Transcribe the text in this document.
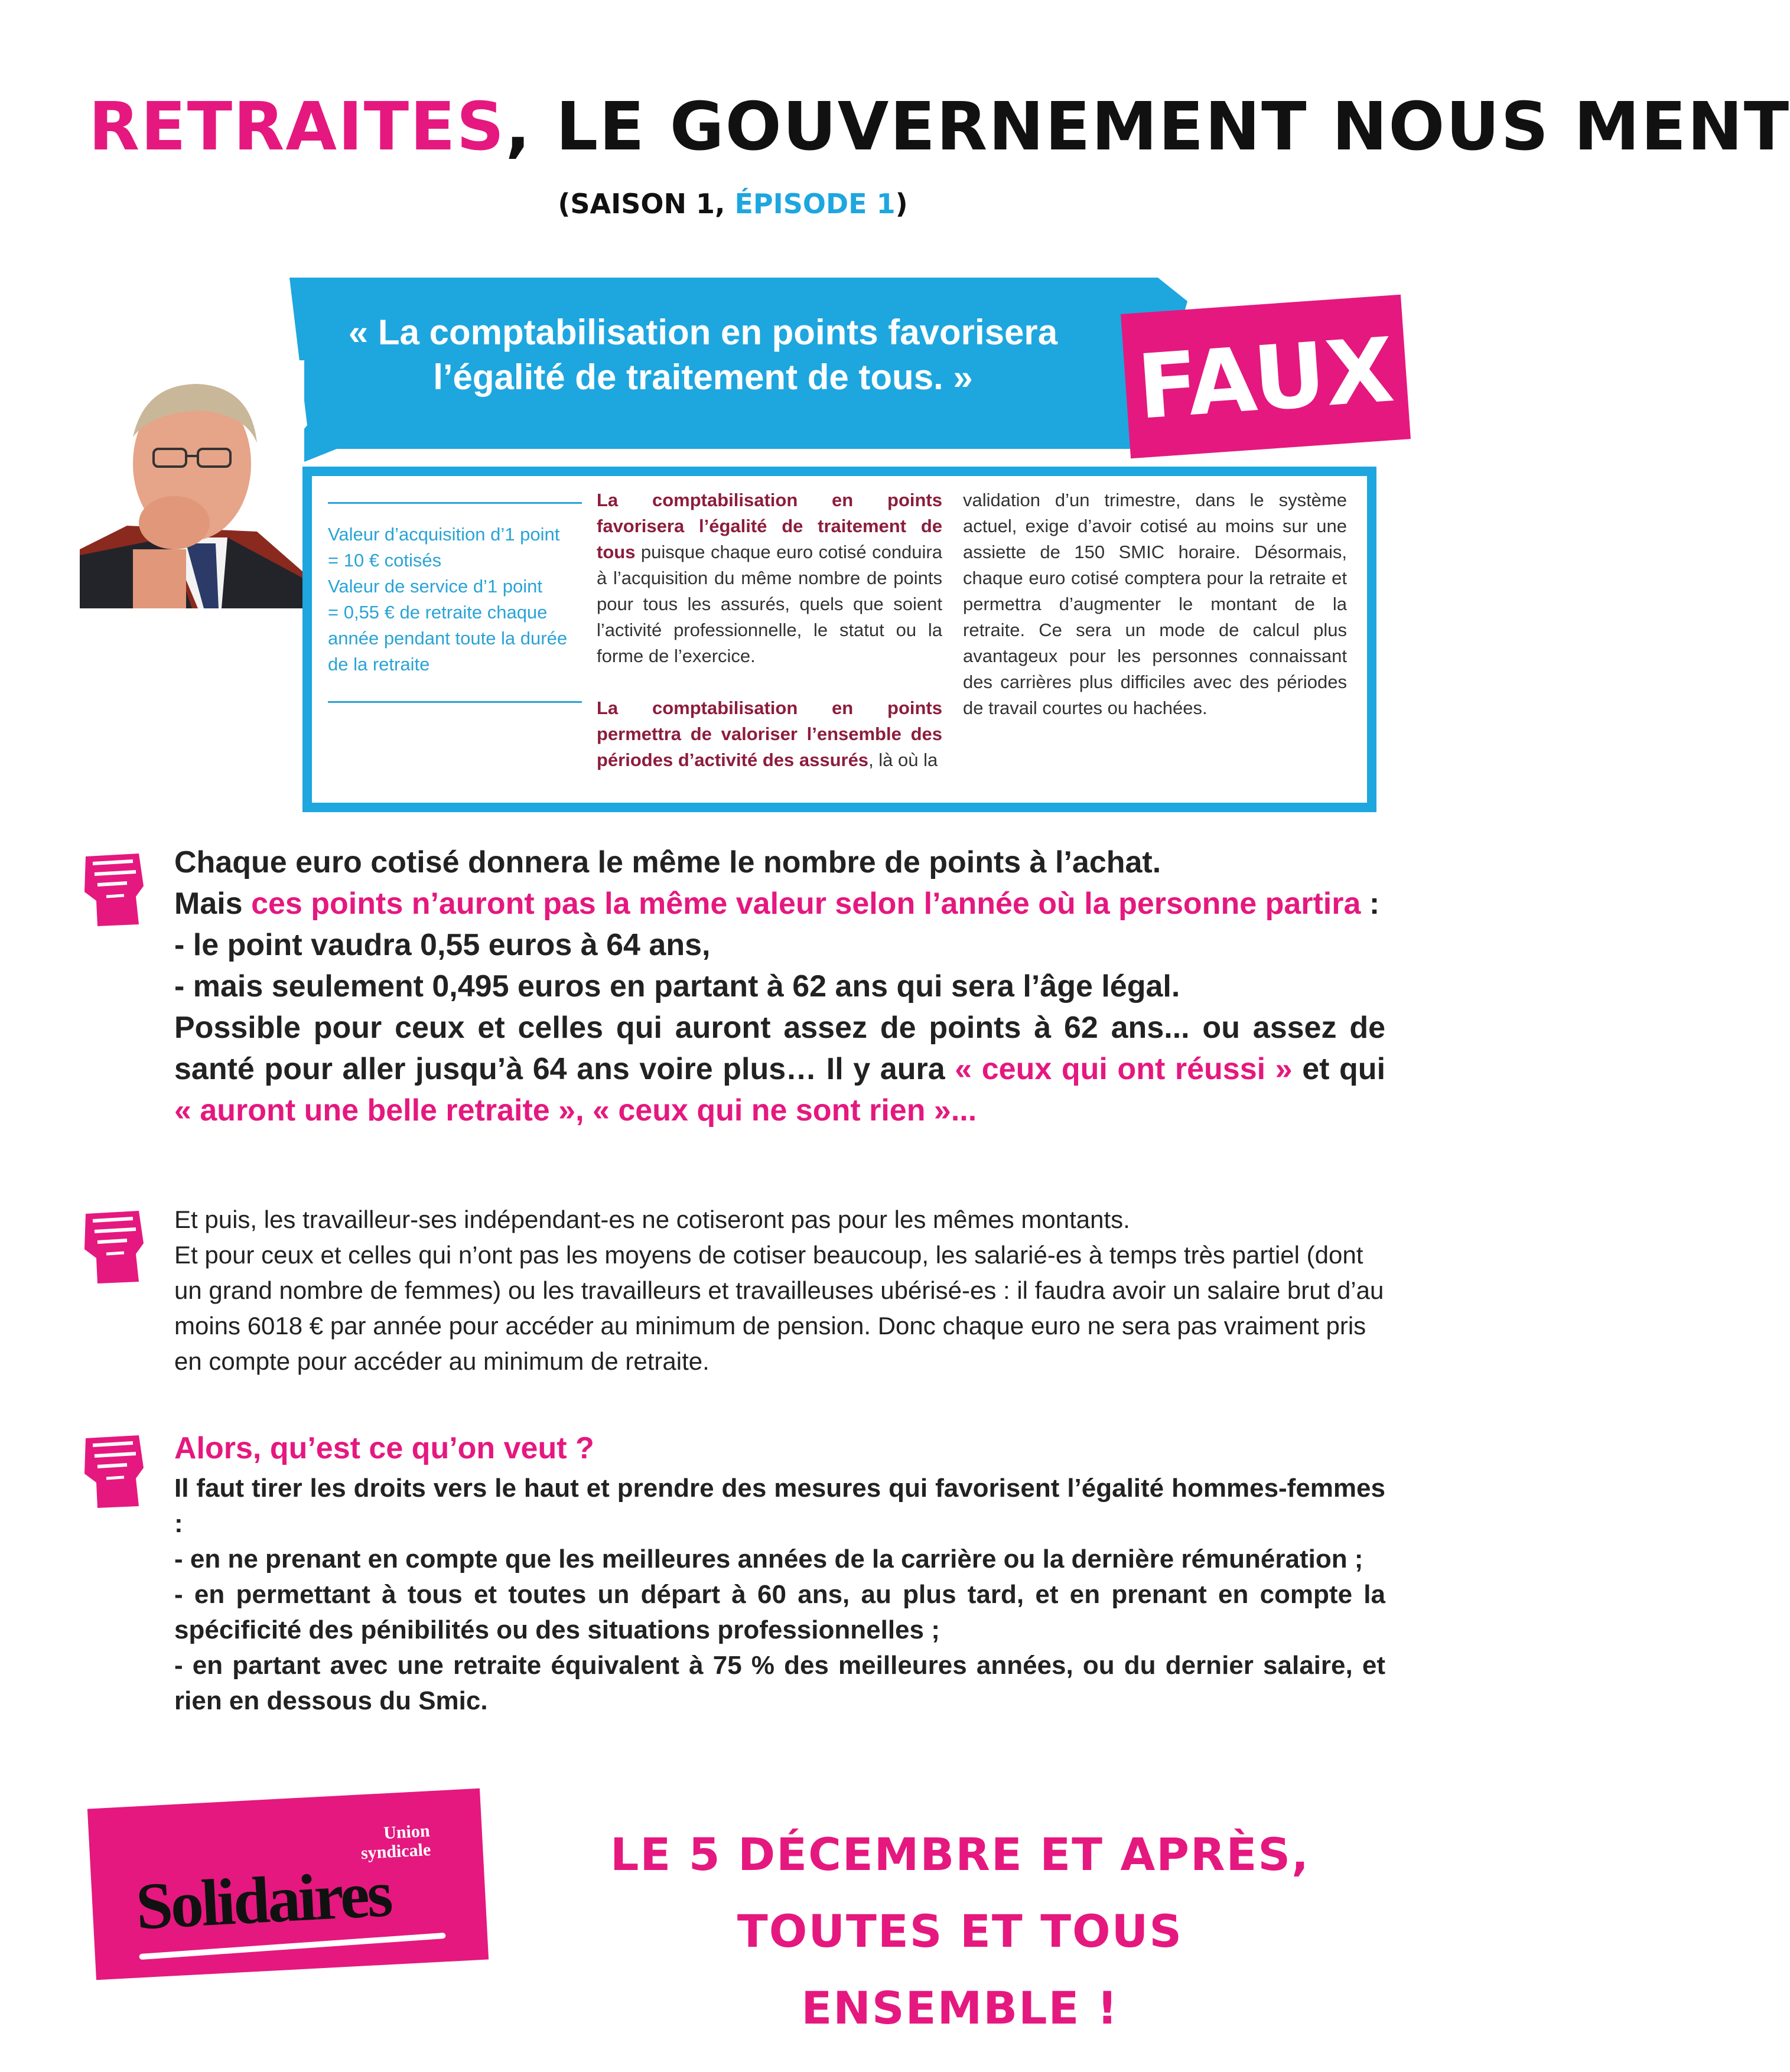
RETRAITES, LE GOUVERNEMENT NOUS MENT
(SAISON 1, ÉPISODE 1)
« La comptabilisation en points favorisera
l’égalité de traitement de tous. »	FAUX
Valeur d’acquisition d’1 point
= 10 € cotisés
Valeur de service d’1 point
= 0,55 € de retraite chaque
année pendant toute la durée
de la retraite

La comptabilisation en points favorisera l’égalité de traitement de tous puisque chaque euro cotisé conduira à l’acquisition du même nombre de points pour tous les assurés, quels que soient l’activité professionnelle, le statut ou la forme de l’exercice.

La comptabilisation en points permettra de valoriser l’ensemble des périodes d’activité des assurés, là où la

validation d’un trimestre, dans le système actuel, exige d’avoir cotisé au moins sur une assiette de 150 SMIC horaire. Désormais, chaque euro cotisé comptera pour la retraite et permettra d’augmenter le montant de la retraite. Ce sera un mode de calcul plus avantageux pour les personnes connaissant des carrières plus difficiles avec des périodes de travail courtes ou hachées.
Chaque euro cotisé donnera le même le nombre de points à l’achat.
Mais ces points n’auront pas la même valeur selon l’année où la personne partira :
- le point vaudra 0,55 euros à 64 ans,
- mais seulement 0,495 euros en partant à 62 ans qui sera l’âge légal.
Possible pour ceux et celles qui auront assez de points à 62 ans... ou assez de santé pour aller jusqu’à 64 ans voire plus… Il y aura « ceux qui ont réussi » et qui « auront une belle retraite », « ceux qui ne sont rien »...
Et puis, les travailleur-ses indépendant-es ne cotiseront pas pour les mêmes montants.
Et pour ceux et celles qui n’ont pas les moyens de cotiser beaucoup, les salarié-es à temps très partiel (dont un grand nombre de femmes) ou les travailleurs et travailleuses ubérisé-es : il faudra avoir un salaire brut d’au moins 6018 € par année pour accéder au minimum de pension. Donc chaque euro ne sera pas vraiment pris en compte pour accéder au minimum de retraite.
Alors, qu’est ce qu’on veut ?
Il faut tirer les droits vers le haut et prendre des mesures qui favorisent l’égalité hommes-femmes :
- en ne prenant en compte que les meilleures années de la carrière ou la dernière rémunération ;
- en permettant à tous et toutes un départ à 60 ans, au plus tard, et en prenant en compte la spécificité des pénibilités ou des situations professionnelles ;
- en partant avec une retraite équivalent à 75 % des meilleures années, ou du dernier salaire, et rien en dessous du Smic.
Union
syndicale
Solidaires
LE 5 DÉCEMBRE ET APRÈS,
TOUTES ET TOUS ENSEMBLE !
